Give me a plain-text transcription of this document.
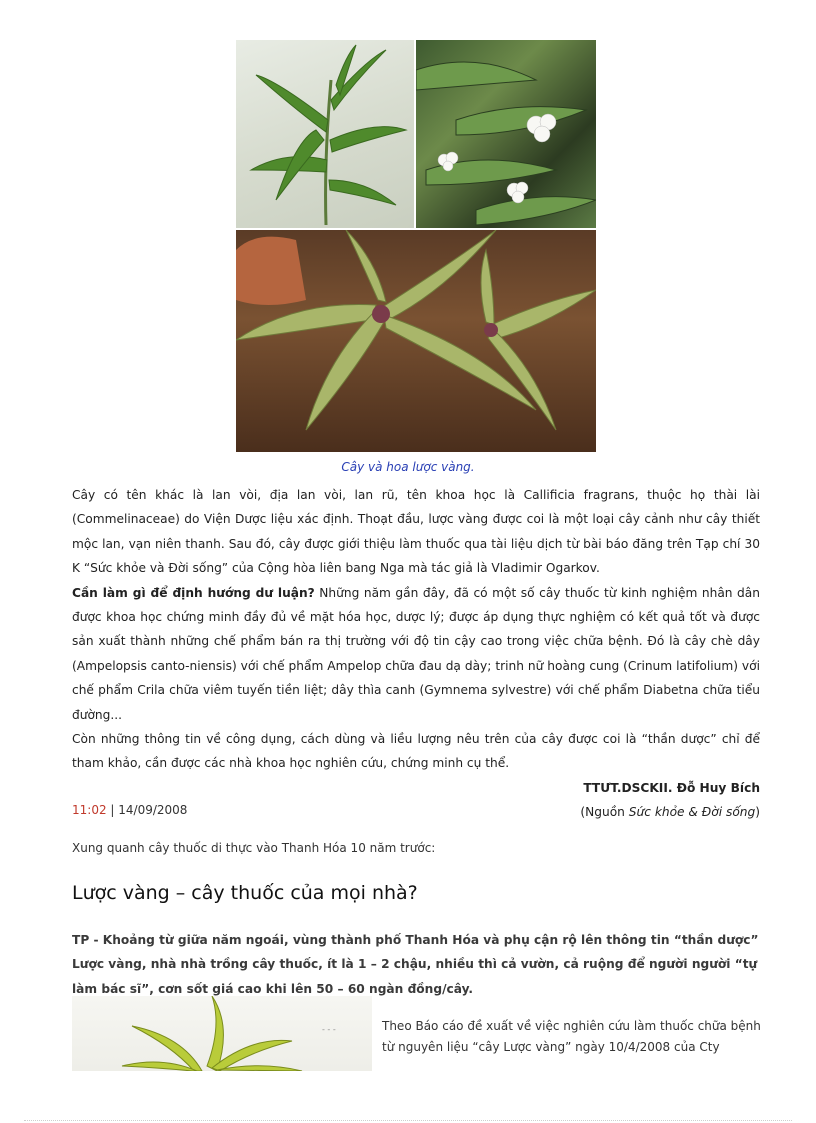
Cây và hoa lược vàng.

Cây có tên khác là lan vòi, địa lan vòi, lan rũ, tên khoa học là Callificia fragrans, thuộc họ thài lài (Commelinaceae) do Viện Dược liệu xác định. Thoạt đầu, lược vàng được coi là một loại cây cảnh như cây thiết mộc lan, vạn niên thanh. Sau đó, cây được giới thiệu làm thuốc qua tài liệu dịch từ bài báo đăng trên Tạp chí 30 K “Sức khỏe và Đời sống” của Cộng hòa liên bang Nga mà tác giả là Vladimir Ogarkov.

Cần làm gì để định hướng dư luận? Những năm gần đây, đã có một số cây thuốc từ kinh nghiệm nhân dân được khoa học chứng minh đầy đủ về mặt hóa học, dược lý; được áp dụng thực nghiệm có kết quả tốt và được sản xuất thành những chế phẩm bán ra thị trường với độ tin cậy cao trong việc chữa bệnh. Đó là cây chè dây (Ampelopsis canto-niensis) với chế phẩm Ampelop chữa đau dạ dày; trinh nữ hoàng cung (Crinum latifolium) với chế phẩm Crila chữa viêm tuyến tiền liệt; dây thìa canh (Gymnema sylvestre) với chế phẩm Diabetna chữa tiểu đường...

Còn những thông tin về công dụng, cách dùng và liều lượng nêu trên của cây được coi là “thần dược” chỉ để tham khảo, cần được các nhà khoa học nghiên cứu, chứng minh cụ thể.

TTƯT.DSCKII. Đỗ Huy Bích

(Nguồn Sức khỏe & Đời sống)

11:02 | 14/09/2008
Xung quanh cây thuốc di thực vào Thanh Hóa 10 năm trước:
Lược vàng – cây thuốc của mọi nhà?
TP - Khoảng từ giữa năm ngoái, vùng thành phố Thanh Hóa và phụ cận rộ lên thông tin “thần dược” Lược vàng, nhà nhà trồng cây thuốc, ít là 1 – 2 chậu, nhiều thì cả vườn, cả ruộng để người người “tự làm bác sĩ”, cơn sốt giá cao khi lên 50 – 60 ngàn đồng/cây.
- - -	Theo Báo cáo đề xuất về việc nghiên cứu làm thuốc chữa bệnh từ nguyên liệu “cây Lược vàng” ngày 10/4/2008 của Cty
